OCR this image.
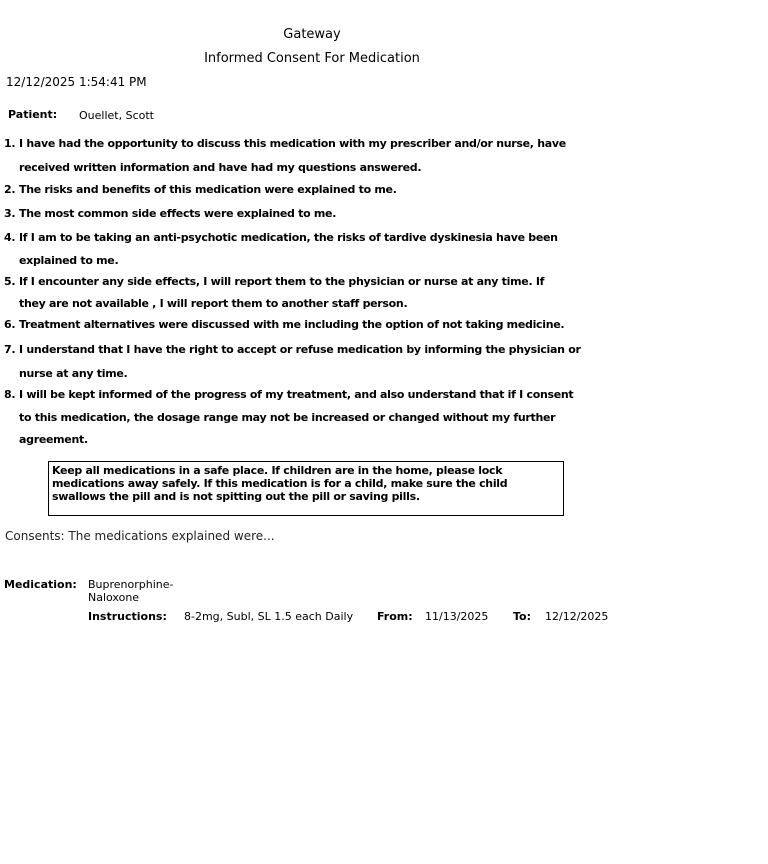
Gateway
Informed Consent For Medication
12/12/2025 1:54:41 PM
Patient: Ouellet, Scott
1. I have had the opportunity to discuss this medication with my prescriber and/or nurse, have
received written information and have had my questions answered.
2. The risks and benefits of this medication were explained to me.
3. The most common side effects were explained to me.
4. If I am to be taking an anti-psychotic medication, the risks of tardive dyskinesia have been
explained to me.
5. If I encounter any side effects, I will report them to the physician or nurse at any time. If
they are not available , I will report them to another staff person.
6. Treatment alternatives were discussed with me including the option of not taking medicine.
7. I understand that I have the right to accept or refuse medication by informing the physician or
nurse at any time.
8. I will be kept informed of the progress of my treatment, and also understand that if I consent
to this medication, the dosage range may not be increased or changed without my further
agreement.
Keep all medications in a safe place. If children are in the home, please lock
medications away safely. If this medication is for a child, make sure the child
swallows the pill and is not spitting out the pill or saving pills.
Consents: The medications explained were...
Medication: Buprenorphine-
Naloxone
Instructions: 8-2mg, Subl, SL 1.5 each Daily From: 11/13/2025 To: 12/12/2025
